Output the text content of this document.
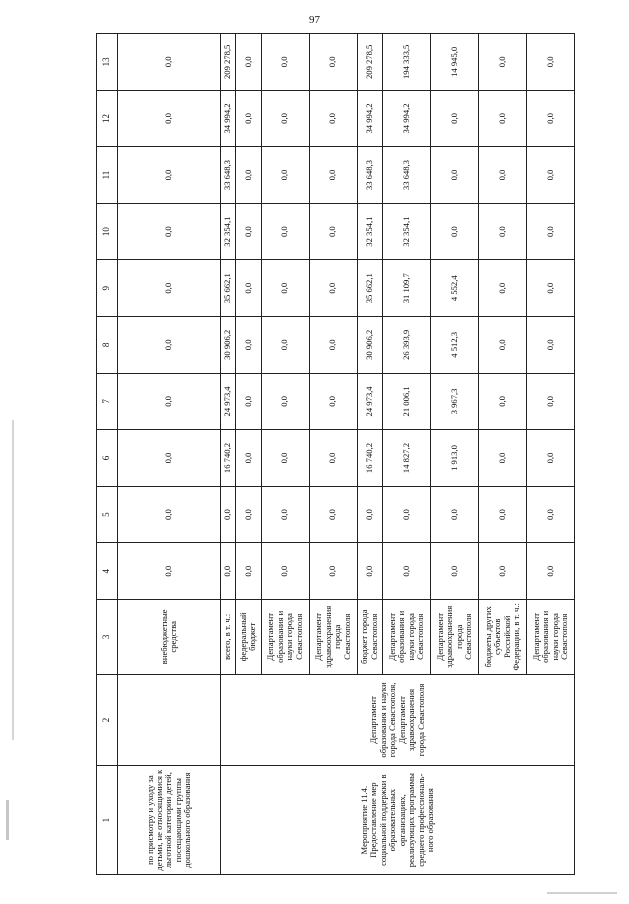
97
1	2	3	4	5	6	7	8	9	10	11	12	13
по присмотру и уходу за детьми, не относящимися к льготной категории детей, посещающими группы дошкольного образования		внебюджетные средства	0,0	0,0	0,0	0,0	0,0	0,0	0,0	0,0	0,0	0,0
Мероприятие 11.4. Предоставление мер социальной поддержки в образовательных организациях, реализующих программы среднего профессиональ-ного образования	Департамент образования и науки города Севастополя, Департамент здравоохранения города Севастополя	всего, в т. ч.:	0,0	0,0	16 740,2	24 973,4	30 906,2	35 662,1	32 354,1	33 648,3	34 994,2	209 278,5
		федеральный бюджет	0,0	0,0	0,0	0,0	0,0	0,0	0,0	0,0	0,0	0,0
		Департамент образования и науки города Севастополя	0,0	0,0	0,0	0,0	0,0	0,0	0,0	0,0	0,0	0,0
		Департамент здравоохранения города Севастополя	0,0	0,0	0,0	0,0	0,0	0,0	0,0	0,0	0,0	0,0
		бюджет города Севастополя	0,0	0,0	16 740,2	24 973,4	30 906,2	35 662,1	32 354,1	33 648,3	34 994,2	209 278,5
		Департамент образования и науки города Севастополя	0,0	0,0	14 827,2	21 006,1	26 393,9	31 109,7	32 354,1	33 648,3	34 994,2	194 333,5
		Департамент здравоохранения города Севастополя	0,0	0,0	1 913,0	3 967,3	4 512,3	4 552,4	0,0	0,0	0,0	14 945,0
		бюджеты других субъектов Российской Федерации, в т. ч.:	0,0	0,0	0,0	0,0	0,0	0,0	0,0	0,0	0,0	0,0
		Департамент образования и науки города Севастополя	0,0	0,0	0,0	0,0	0,0	0,0	0,0	0,0	0,0	0,0
